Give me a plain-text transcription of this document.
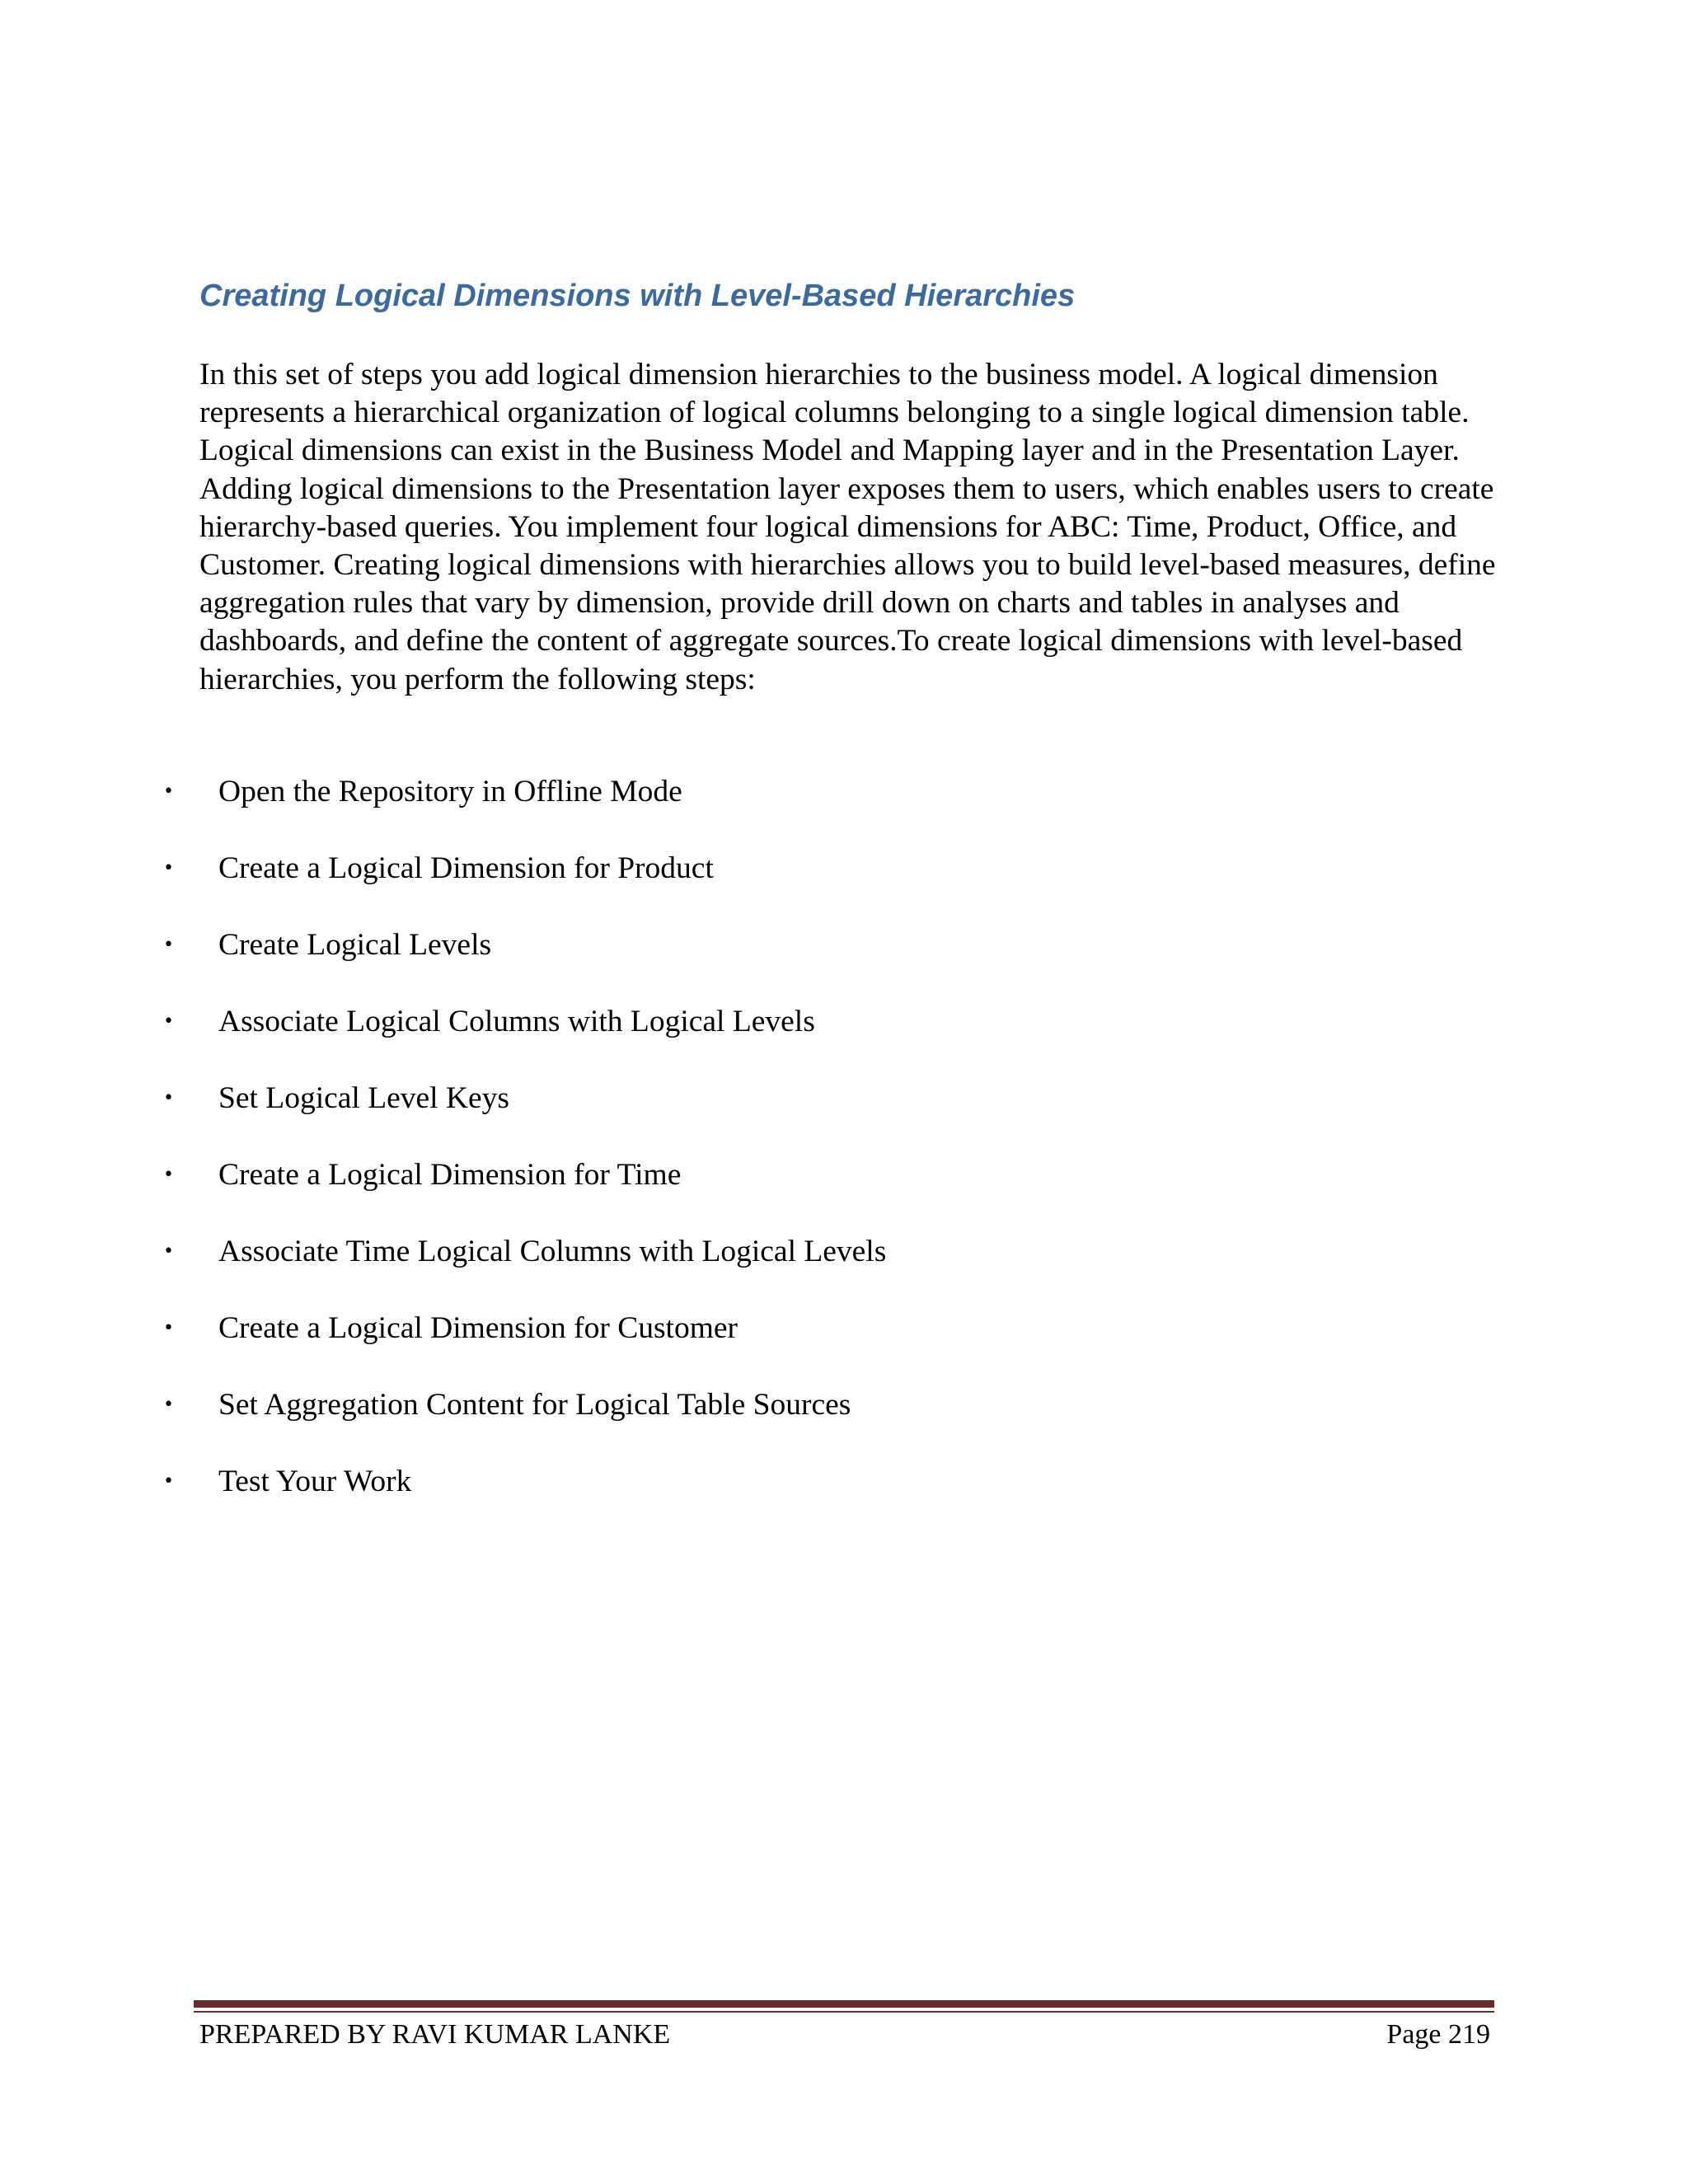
Creating Logical Dimensions with Level-Based Hierarchies

In this set of steps you add logical dimension hierarchies to the business model. A logical dimension represents a hierarchical organization of logical columns belonging to a single logical dimension table. Logical dimensions can exist in the Business Model and Mapping layer and in the Presentation Layer. Adding logical dimensions to the Presentation layer exposes them to users, which enables users to create hierarchy-based queries. You implement four logical dimensions for ABC: Time, Product, Office, and Customer. Creating logical dimensions with hierarchies allows you to build level-based measures, define aggregation rules that vary by dimension, provide drill down on charts and tables in analyses and dashboards, and define the content of aggregate sources.To create logical dimensions with level-based hierarchies, you perform the following steps:

• Open the Repository in Offline Mode
• Create a Logical Dimension for Product
• Create Logical Levels
• Associate Logical Columns with Logical Levels
• Set Logical Level Keys
• Create a Logical Dimension for Time
• Associate Time Logical Columns with Logical Levels
• Create a Logical Dimension for Customer
• Set Aggregation Content for Logical Table Sources
• Test Your Work
PREPARED BY RAVI KUMAR LANKE	Page 219
